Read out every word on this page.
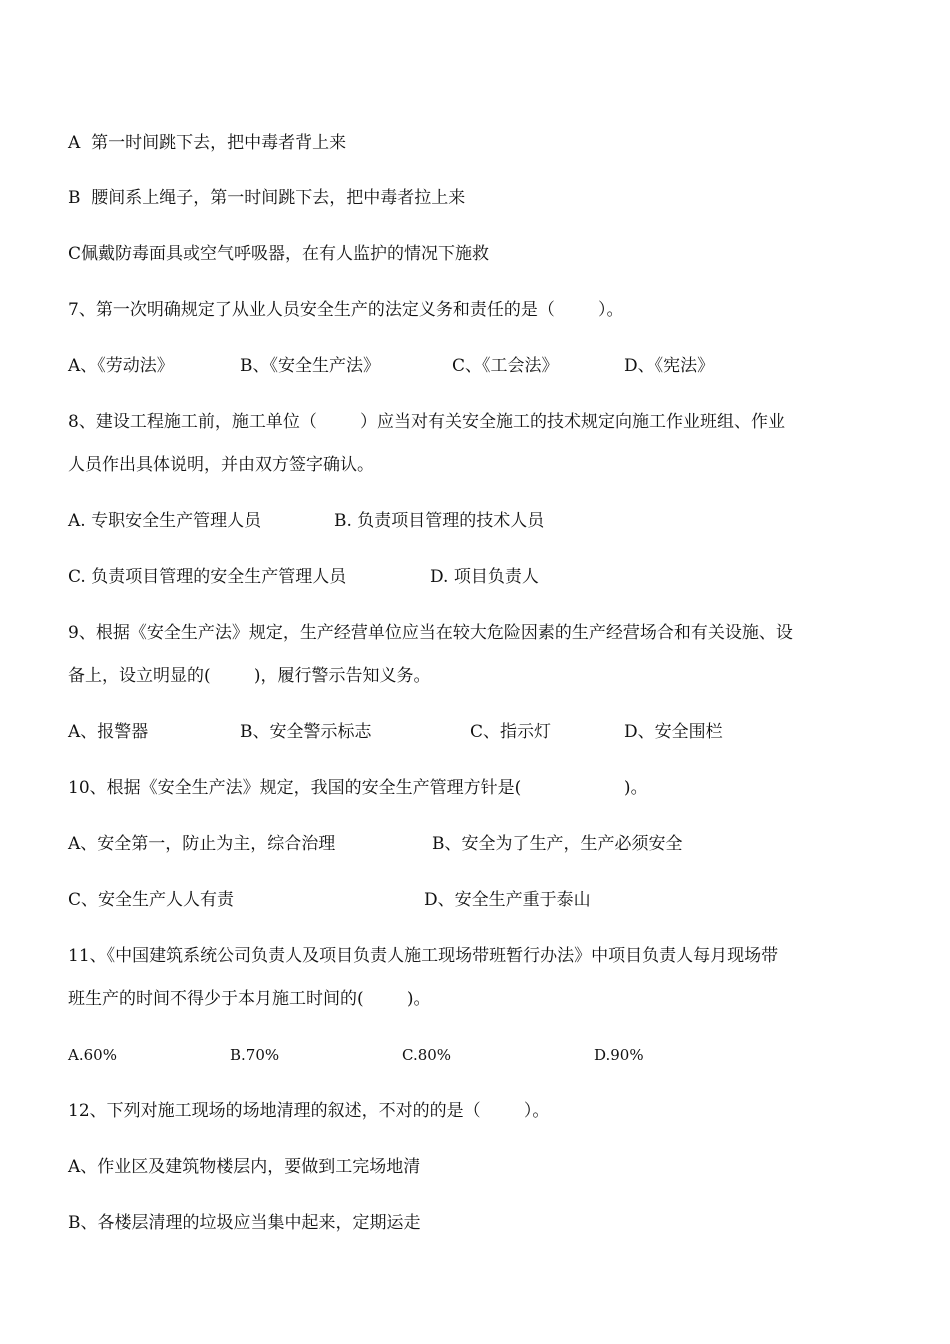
A  第一时间跳下去，把中毒者背上来
B  腰间系上绳子，第一时间跳下去，把中毒者拉上来
C佩戴防毒面具或空气呼吸器，在有人监护的情况下施救
7、第一次明确规定了从业人员安全生产的法定义务和责任的是（        ）。
A、《劳动法》	B、《安全生产法》	C、《工会法》	D、《宪法》
8、建设工程施工前，施工单位（        ）应当对有关安全施工的技术规定向施工作业班组、作业
人员作出具体说明，并由双方签字确认。
A. 专职安全生产管理人员	B. 负责项目管理的技术人员
C. 负责项目管理的安全生产管理人员	D. 项目负责人
9、根据《安全生产法》规定，生产经营单位应当在较大危险因素的生产经营场合和有关设施、设
备上，设立明显的(        )，履行警示告知义务。
A、报警器	B、安全警示标志	C、指示灯	D、安全围栏
10、根据《安全生产法》规定，我国的安全生产管理方针是(                   )。
A、安全第一，防止为主，综合治理	B、安全为了生产，生产必须安全
C、安全生产人人有责	D、安全生产重于泰山
11、《中国建筑系统公司负责人及项目负责人施工现场带班暂行办法》中项目负责人每月现场带
班生产的时间不得少于本月施工时间的(        )。
A.60%	B.70%	C.80%	D.90%
12、下列对施工现场的场地清理的叙述，不对的的是（        ）。
A、作业区及建筑物楼层内，要做到工完场地清
B、各楼层清理的垃圾应当集中起来，定期运走
